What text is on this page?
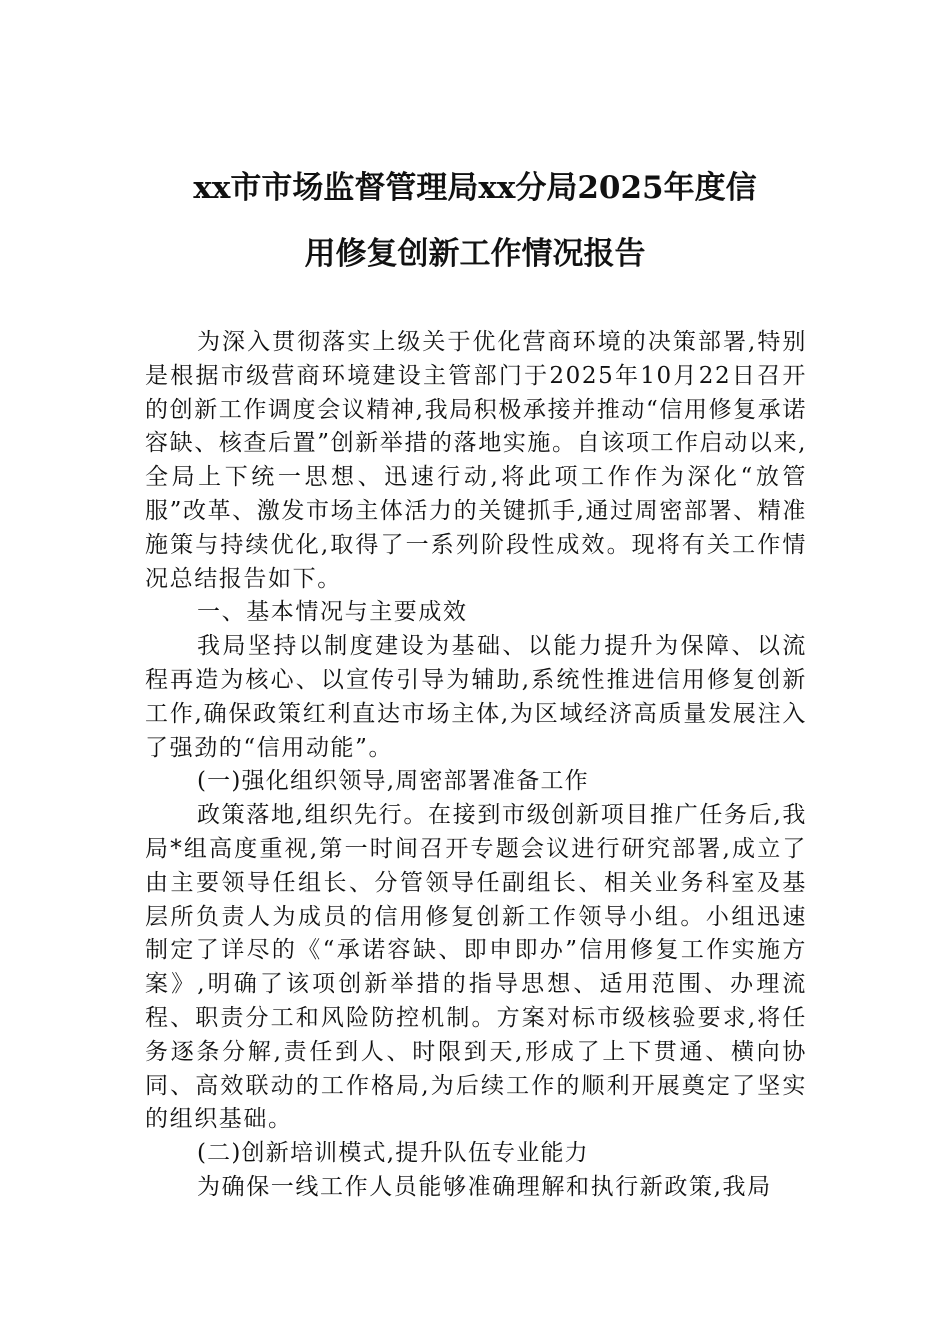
xx市市场监督管理局xx分局2025年度信
用修复创新工作情况报告

为深入贯彻落实上级关于优化营商环境的决策部署,特别是根据市级营商环境建设主管部门于2025年10月22日召开的创新工作调度会议精神,我局积极承接并推动“信用修复承诺容缺、核查后置”创新举措的落地实施。自该项工作启动以来,全局上下统一思想、迅速行动,将此项工作作为深化“放管服”改革、激发市场主体活力的关键抓手,通过周密部署、精准施策与持续优化,取得了一系列阶段性成效。现将有关工作情况总结报告如下。

一、基本情况与主要成效

我局坚持以制度建设为基础、以能力提升为保障、以流程再造为核心、以宣传引导为辅助,系统性推进信用修复创新工作,确保政策红利直达市场主体,为区域经济高质量发展注入了强劲的“信用动能”。

(一)强化组织领导,周密部署准备工作

政策落地,组织先行。在接到市级创新项目推广任务后,我局*组高度重视,第一时间召开专题会议进行研究部署,成立了由主要领导任组长、分管领导任副组长、相关业务科室及基层所负责人为成员的信用修复创新工作领导小组。小组迅速制定了详尽的《“承诺容缺、即申即办”信用修复工作实施方案》,明确了该项创新举措的指导思想、适用范围、办理流程、职责分工和风险防控机制。方案对标市级核验要求,将任务逐条分解,责任到人、时限到天,形成了上下贯通、横向协同、高效联动的工作格局,为后续工作的顺利开展奠定了坚实的组织基础。

(二)创新培训模式,提升队伍专业能力

为确保一线工作人员能够准确理解和执行新政策,我局
